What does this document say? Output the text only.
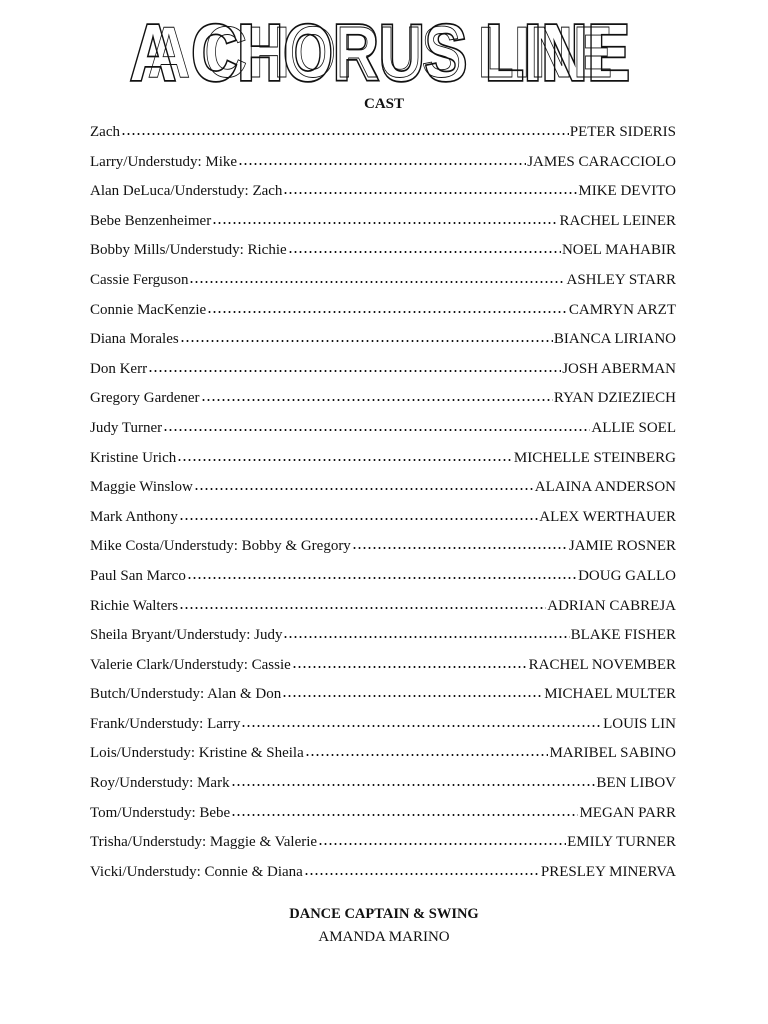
A CHORUS LINE
A CHORUS LINE
CAST
Zach	PETER SIDERIS
Larry/Understudy: Mike	JAMES CARACCIOLO
Alan DeLuca/Understudy: Zach	MIKE DEVITO
Bebe Benzenheimer	RACHEL LEINER
Bobby Mills/Understudy: Richie	NOEL MAHABIR
Cassie Ferguson	ASHLEY STARR
Connie MacKenzie	CAMRYN ARZT
Diana Morales	BIANCA LIRIANO
Don Kerr	JOSH ABERMAN
Gregory Gardener	RYAN DZIEZIECH
Judy Turner	ALLIE SOEL
Kristine Urich	MICHELLE STEINBERG
Maggie Winslow	ALAINA ANDERSON
Mark Anthony	ALEX WERTHAUER
Mike Costa/Understudy: Bobby & Gregory	JAMIE ROSNER
Paul San Marco	DOUG GALLO
Richie Walters	ADRIAN CABREJA
Sheila Bryant/Understudy: Judy	BLAKE FISHER
Valerie Clark/Understudy: Cassie	RACHEL NOVEMBER
Butch/Understudy: Alan & Don	MICHAEL MULTER
Frank/Understudy: Larry	LOUIS LIN
Lois/Understudy: Kristine & Sheila	MARIBEL SABINO
Roy/Understudy: Mark	BEN LIBOV
Tom/Understudy: Bebe	MEGAN PARR
Trisha/Understudy: Maggie & Valerie	EMILY TURNER
Vicki/Understudy: Connie & Diana	PRESLEY MINERVA
DANCE CAPTAIN & SWING
AMANDA MARINO
